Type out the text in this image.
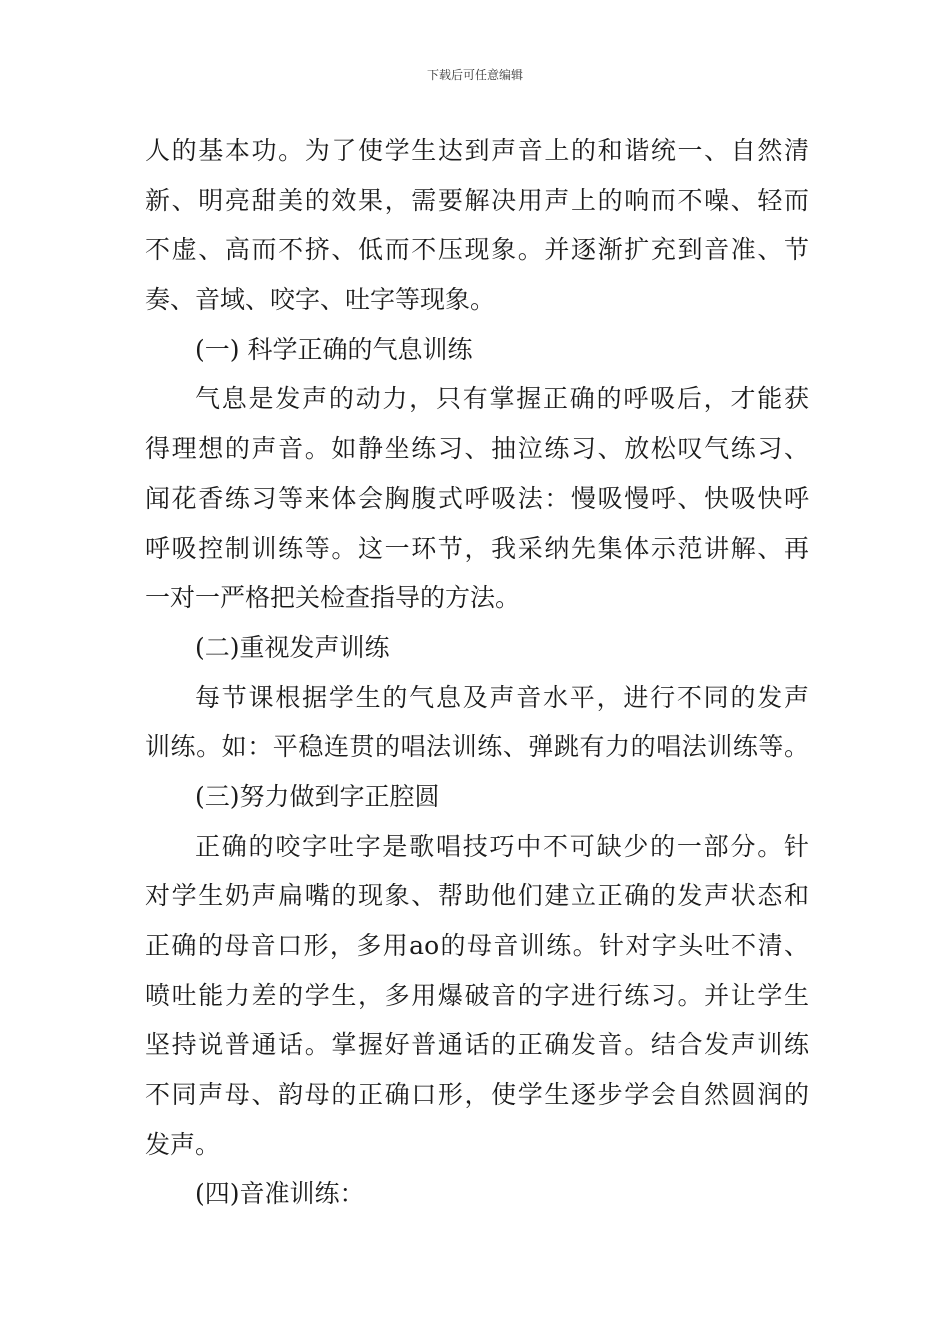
下载后可任意编辑
人的基本功。为了使学生达到声音上的和谐统一、自然清
新、明亮甜美的效果，需要解决用声上的响而不噪、轻而
不虚、高而不挤、低而不压现象。并逐渐扩充到音准、节
奏、音域、咬字、吐字等现象。
(一) 科学正确的气息训练
气息是发声的动力，只有掌握正确的呼吸后，才能获
得理想的声音。如静坐练习、抽泣练习、放松叹气练习、
闻花香练习等来体会胸腹式呼吸法：慢吸慢呼、快吸快呼
呼吸控制训练等。这一环节，我采纳先集体示范讲解、再
一对一严格把关检查指导的方法。
(二)重视发声训练
每节课根据学生的气息及声音水平，进行不同的发声
训练。如：平稳连贯的唱法训练、弹跳有力的唱法训练等。
(三)努力做到字正腔圆
正确的咬字吐字是歌唱技巧中不可缺少的一部分。针
对学生奶声扁嘴的现象、帮助他们建立正确的发声状态和
正确的母音口形，多用ao的母音训练。针对字头吐不清、
喷吐能力差的学生，多用爆破音的字进行练习。并让学生
坚持说普通话。掌握好普通话的正确发音。结合发声训练
不同声母、韵母的正确口形，使学生逐步学会自然圆润的
发声。
(四)音准训练：
